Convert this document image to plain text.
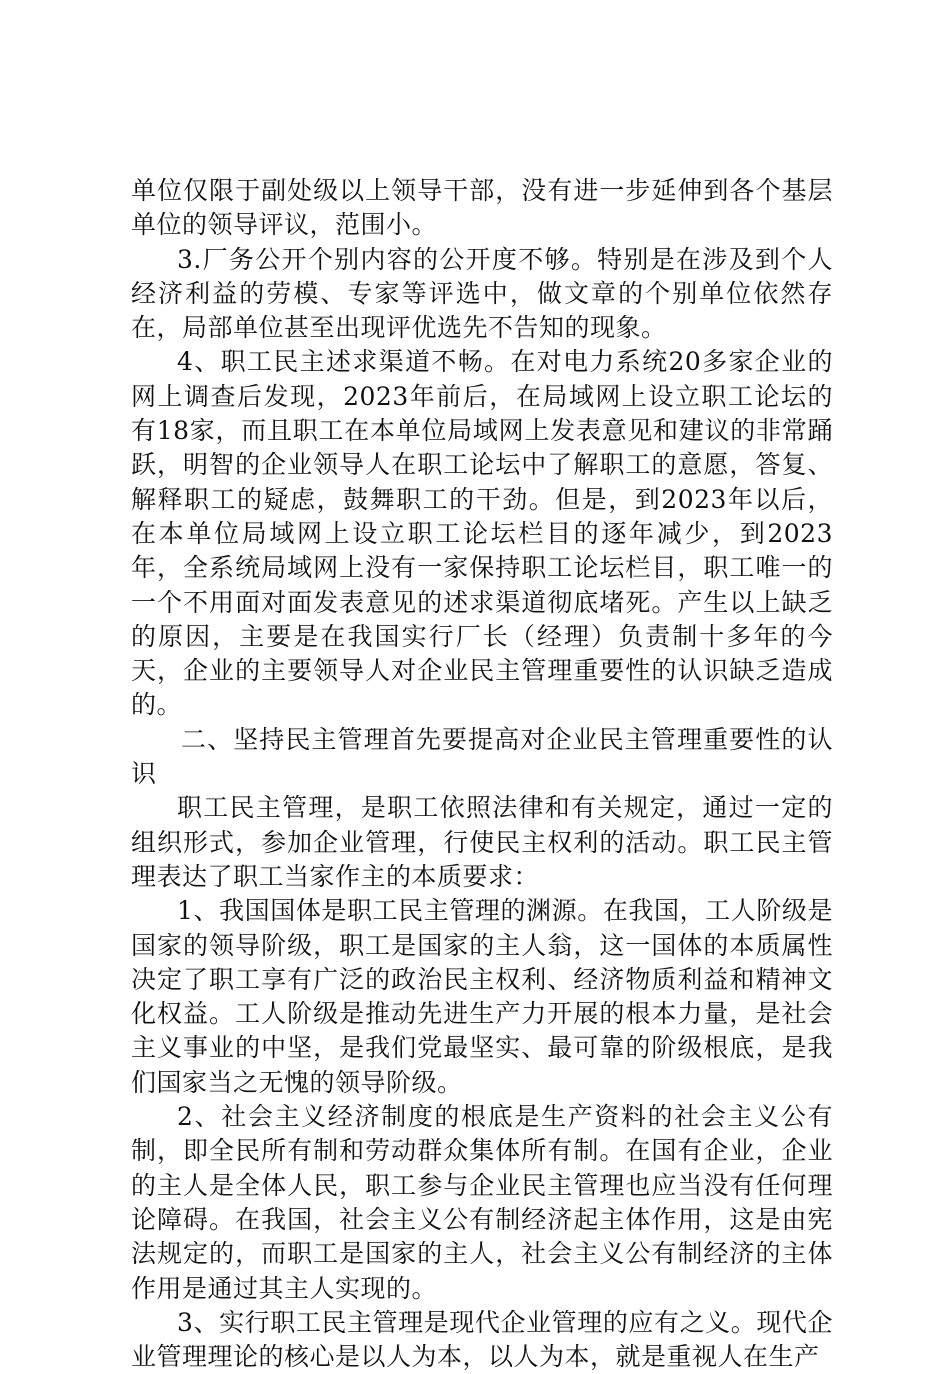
单位仅限于副处级以上领导干部，没有进一步延伸到各个基层单位的领导评议，范围小。

3.厂务公开个别内容的公开度不够。特别是在涉及到个人经济利益的劳模、专家等评选中，做文章的个别单位依然存在，局部单位甚至出现评优选先不告知的现象。

4、职工民主述求渠道不畅。在对电力系统20多家企业的网上调查后发现，2023年前后，在局域网上设立职工论坛的有18家，而且职工在本单位局域网上发表意见和建议的非常踊跃，明智的企业领导人在职工论坛中了解职工的意愿，答复、解释职工的疑虑，鼓舞职工的干劲。但是，到2023年以后，在本单位局域网上设立职工论坛栏目的逐年减少，到2023年，全系统局域网上没有一家保持职工论坛栏目，职工唯一的一个不用面对面发表意见的述求渠道彻底堵死。产生以上缺乏的原因，主要是在我国实行厂长（经理）负责制十多年的今天，企业的主要领导人对企业民主管理重要性的认识缺乏造成的。

二、坚持民主管理首先要提高对企业民主管理重要性的认识

职工民主管理，是职工依照法律和有关规定，通过一定的组织形式，参加企业管理，行使民主权利的活动。职工民主管理表达了职工当家作主的本质要求：

1、我国国体是职工民主管理的渊源。在我国，工人阶级是国家的领导阶级，职工是国家的主人翁，这一国体的本质属性决定了职工享有广泛的政治民主权利、经济物质利益和精神文化权益。工人阶级是推动先进生产力开展的根本力量，是社会主义事业的中坚，是我们党最坚实、最可靠的阶级根底，是我们国家当之无愧的领导阶级。

2、社会主义经济制度的根底是生产资料的社会主义公有制，即全民所有制和劳动群众集体所有制。在国有企业，企业的主人是全体人民，职工参与企业民主管理也应当没有任何理论障碍。在我国，社会主义公有制经济起主体作用，这是由宪法规定的，而职工是国家的主人，社会主义公有制经济的主体作用是通过其主人实现的。

3、实行职工民主管理是现代企业管理的应有之义。现代企业管理理论的核心是以人为本，以人为本，就是重视人在生产
